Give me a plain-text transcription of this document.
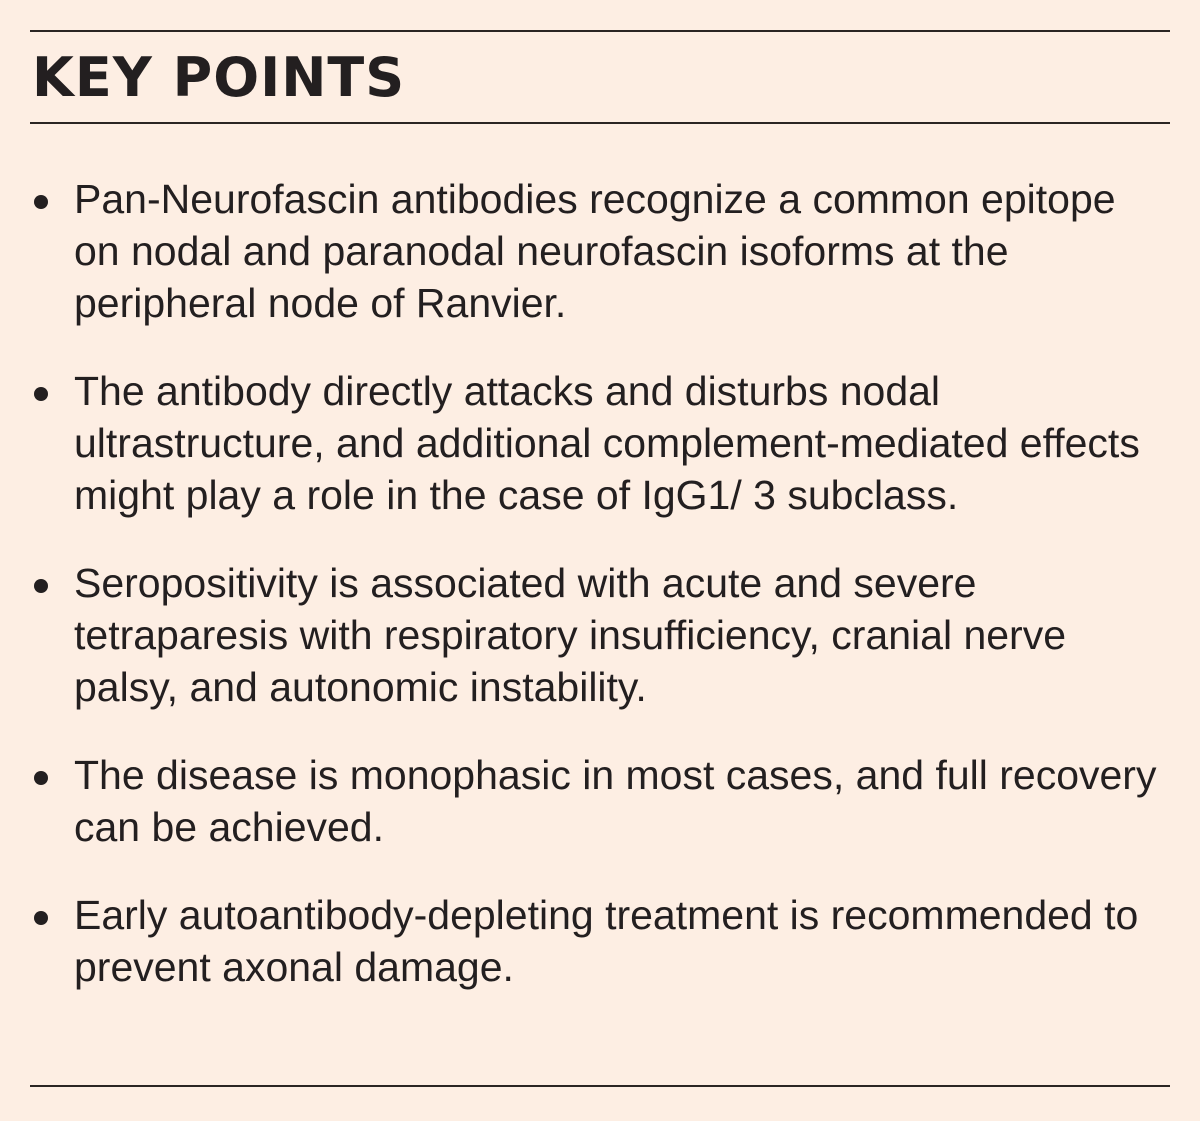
KEY POINTS
Pan-Neurofascin antibodies recognize a common epitope on nodal and paranodal neurofascin isoforms at the peripheral node of Ranvier.
The antibody directly attacks and disturbs nodal ultrastructure, and additional complement-mediated effects might play a role in the case of IgG1/ 3 subclass.
Seropositivity is associated with acute and severe tetraparesis with respiratory insufficiency, cranial nerve palsy, and autonomic instability.
The disease is monophasic in most cases, and full recovery can be achieved.
Early autoantibody-depleting treatment is recommended to prevent axonal damage.
